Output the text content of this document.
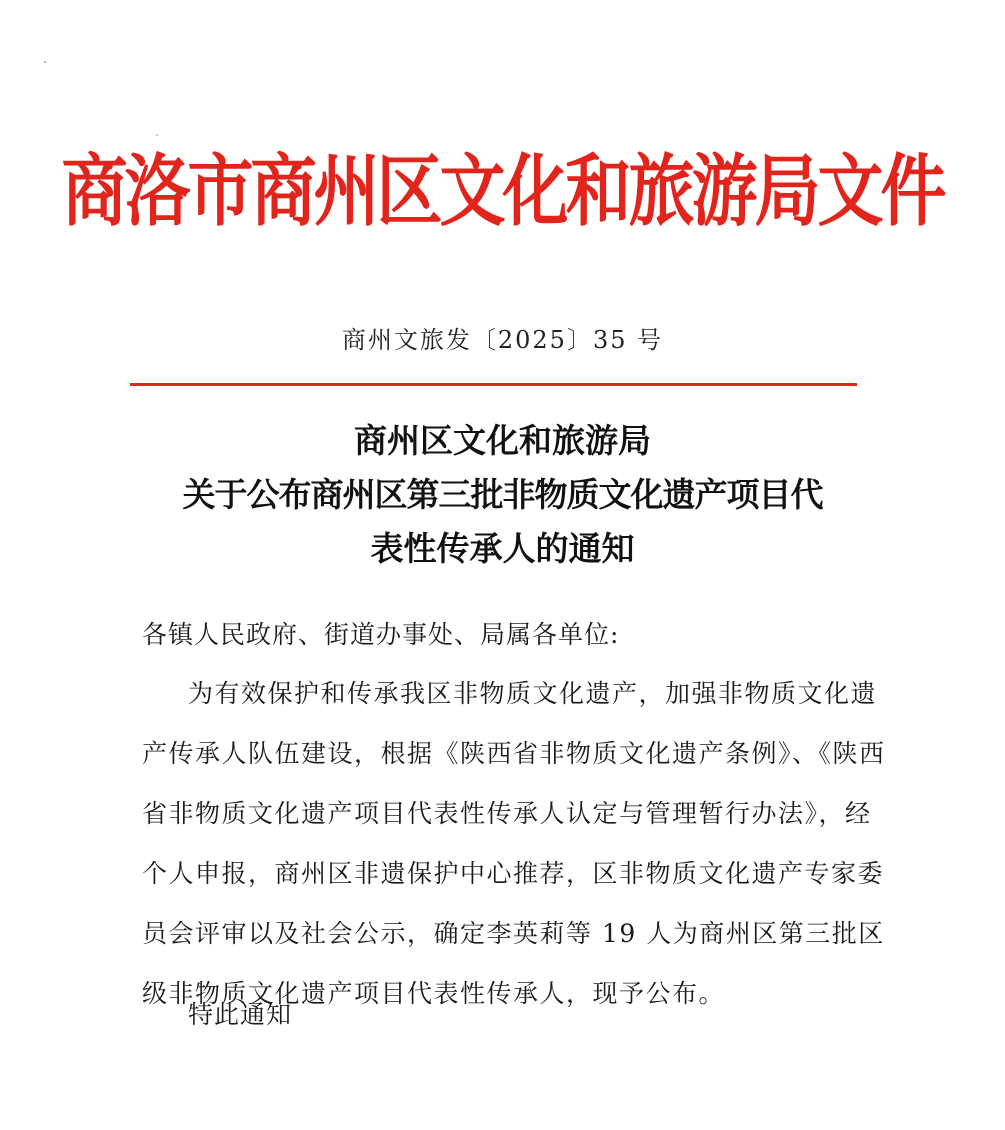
商洛市商州区文化和旅游局文件
商州文旅发〔2025〕35 号
商州区文化和旅游局
关于公布商州区第三批非物质文化遗产项目代
表性传承人的通知
各镇人民政府、街道办事处、局属各单位:
为有效保护和传承我区非物质文化遗产，加强非物质文化遗
产传承人队伍建设，根据《陕西省非物质文化遗产条例》、《陕西
省非物质文化遗产项目代表性传承人认定与管理暂行办法》，经
个人申报，商州区非遗保护中心推荐，区非物质文化遗产专家委
员会评审以及社会公示，确定李英莉等 19 人为商州区第三批区
级非物质文化遗产项目代表性传承人，现予公布。
特此通知
